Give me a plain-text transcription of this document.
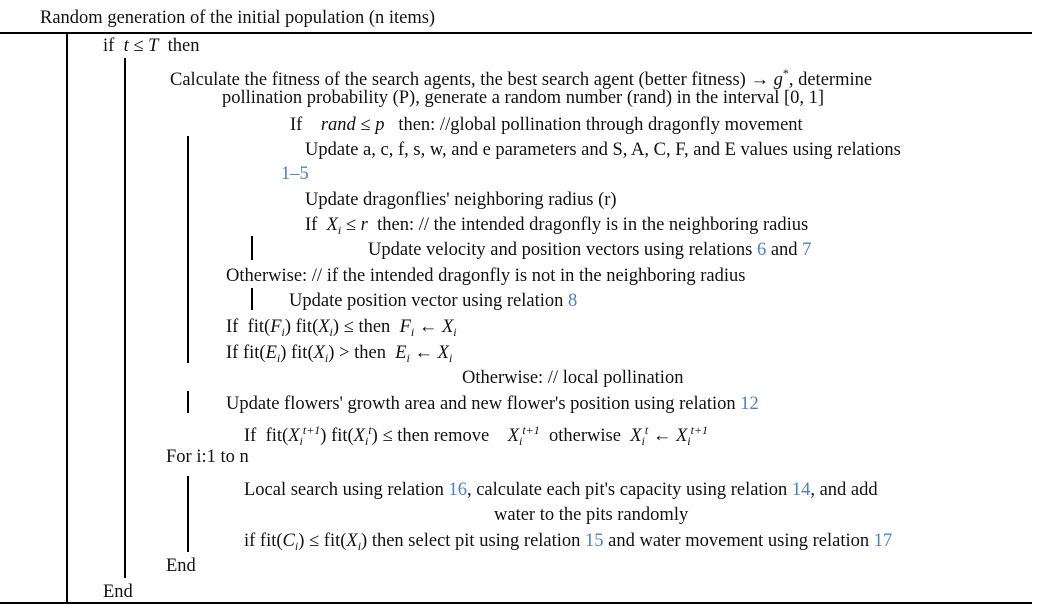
Random generation of the initial population (n items)
if t ≤ T then
Calculate the fitness of the search agents, the best search agent (better fitness) → g*, determine
pollination probability (P), generate a random number (rand) in the interval [0, 1]
If rand ≤ p then: //global pollination through dragonfly movement
Update a, c, f, s, w, and e parameters and S, A, C, F, and E values using relations
1–5
Update dragonflies' neighboring radius (r)
If $X_i \le r$ then: // the intended dragonfly is in the neighboring radius
Update velocity and position vectors using relations 6 and 7
Otherwise: // if the intended dragonfly is not in the neighboring radius
Update position vector using relation 8
If $fit(F_i) fit(X_i)$ ≤ then $F_i$ ← $X_i$
If $fit(E_i) fit(X_i)$ > then $E_i$ ← $X_i$
Otherwise: // local pollination
Update flowers' growth area and new flower's position using relation 12
If $fit(X_i^{t+1}) fit(X_i^t)$ ≤ then remove $X_i^{t+1}$ otherwise $X_i^t$ ← $X_i^{t+1}$
For i:1 to n
Local search using relation 16, calculate each pit's capacity using relation 14, and add
water to the pits randomly
if $fit(C_i) \le fit(X_i)$ then select pit using relation 15 and water movement using relation 17
End
End
